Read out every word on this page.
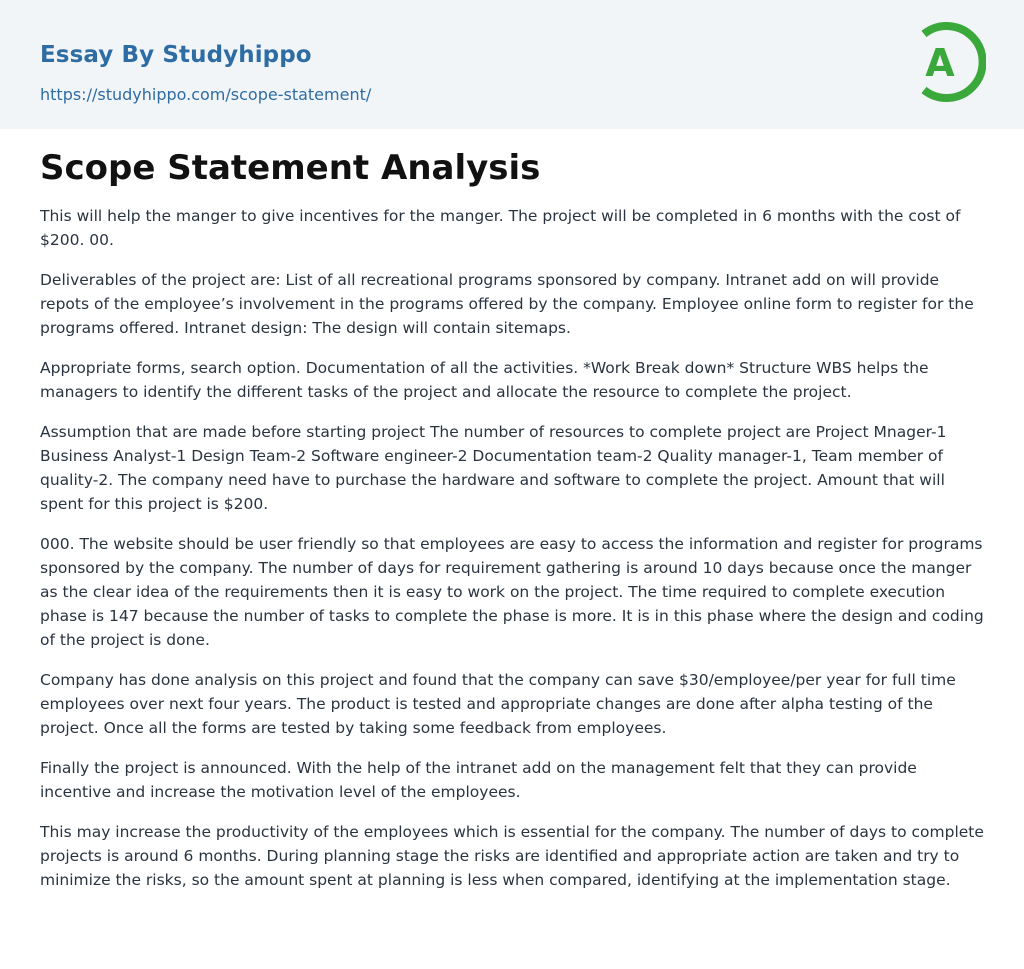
Essay By Studyhippo
https://studyhippo.com/scope-statement/
A
Scope Statement Analysis

This will help the manger to give incentives for the manger. The project will be completed in 6 months with the cost of $200. 00.

Deliverables of the project are: List of all recreational programs sponsored by company. Intranet add on will provide repots of the employee’s involvement in the programs offered by the company. Employee online form to register for the programs offered. Intranet design: The design will contain sitemaps.

Appropriate forms, search option. Documentation of all the activities. *Work Break down* Structure WBS helps the managers to identify the different tasks of the project and allocate the resource to complete the project.

Assumption that are made before starting project The number of resources to complete project are Project Mnager-1 Business Analyst-1 Design Team-2 Software engineer-2 Documentation team-2 Quality manager-1, Team member of quality-2. The company need have to purchase the hardware and software to complete the project. Amount that will spent for this project is $200.

000. The website should be user friendly so that employees are easy to access the information and register for programs sponsored by the company. The number of days for requirement gathering is around 10 days because once the manger as the clear idea of the requirements then it is easy to work on the project. The time required to complete execution phase is 147 because the number of tasks to complete the phase is more. It is in this phase where the design and coding of the project is done.

Company has done analysis on this project and found that the company can save $30/employee/per year for full time employees over next four years. The product is tested and appropriate changes are done after alpha testing of the project. Once all the forms are tested by taking some feedback from employees.

Finally the project is announced. With the help of the intranet add on the management felt that they can provide incentive and increase the motivation level of the employees.

This may increase the productivity of the employees which is essential for the company. The number of days to complete projects is around 6 months. During planning stage the risks are identified and appropriate action are taken and try to minimize the risks, so the amount spent at planning is less when compared, identifying at the implementation stage.
